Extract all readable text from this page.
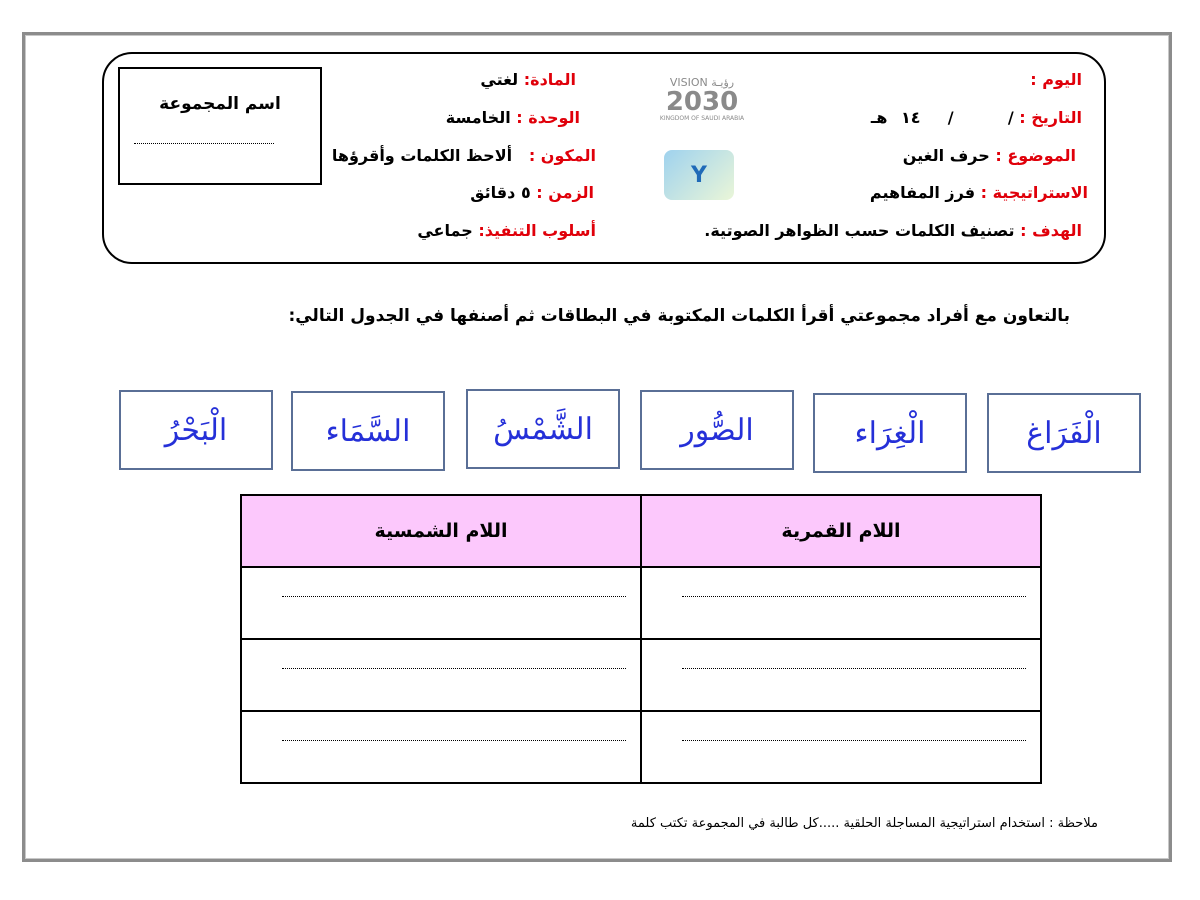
اسم المجموعة
اليوم :
التاريخ : /    /  ١٤ هـ
الموضوع : حرف الغين
الاستراتيجية : فرز المفاهيم
الهدف : تصنيف الكلمات حسب الظواهر الصوتية.
VISION رؤيـة
2030
KINGDOM OF SAUDI ARABIA
Y
المادة: لغتي
الوحدة : الخامسة
المكون :   ألاحظ الكلمات وأقرؤها
الزمن : ٥ دقائق
أسلوب التنفيذ: جماعي
بالتعاون مع أفراد مجموعتي أقرأ الكلمات المكتوبة في البطاقات ثم أصنفها في الجدول التالي:
الْفَرَاغ
الْغِرَاء
الصُّور
الشَّمْسُ
السَّمَاء
الْبَحْرُ
اللام القمرية	اللام الشمسية

ملاحظة : استخدام استراتيجية المساجلة الحلقية .....كل طالبة في المجموعة تكتب كلمة
